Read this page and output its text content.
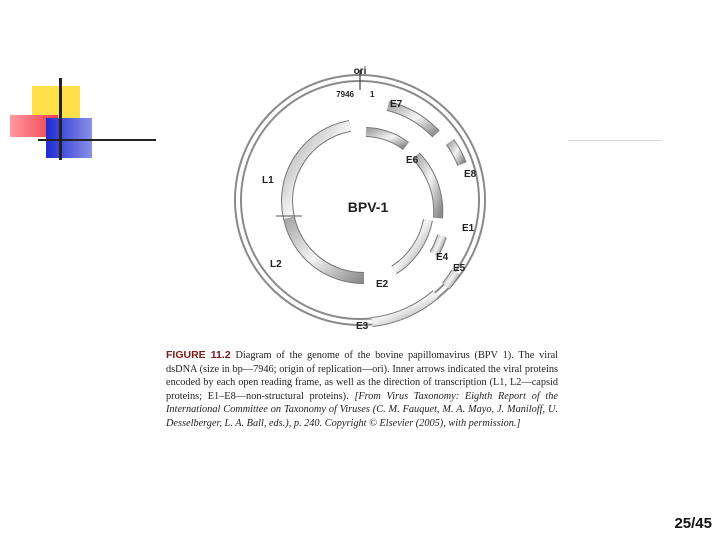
ori
7946 1
BPV-1
E7
E6
E8
E1
E4
E5
E2
E3
L1
L2
FIGURE 11.2 Diagram of the genome of the bovine papillomavirus (BPV 1). The viral dsDNA (size in bp—7946; origin of replication—ori). Inner arrows indicated the viral proteins encoded by each open reading frame, as well as the direction of transcription (L1, L2—capsid proteins; E1–E8—non-structural proteins). [From Virus Taxonomy: Eighth Report of the International Committee on Taxonomy of Viruses (C. M. Fauquet, M. A. Mayo, J. Maniloff, U. Desselberger, L. A. Ball, eds.), p. 240. Copyright © Elsevier (2005), with permission.]
25/45
